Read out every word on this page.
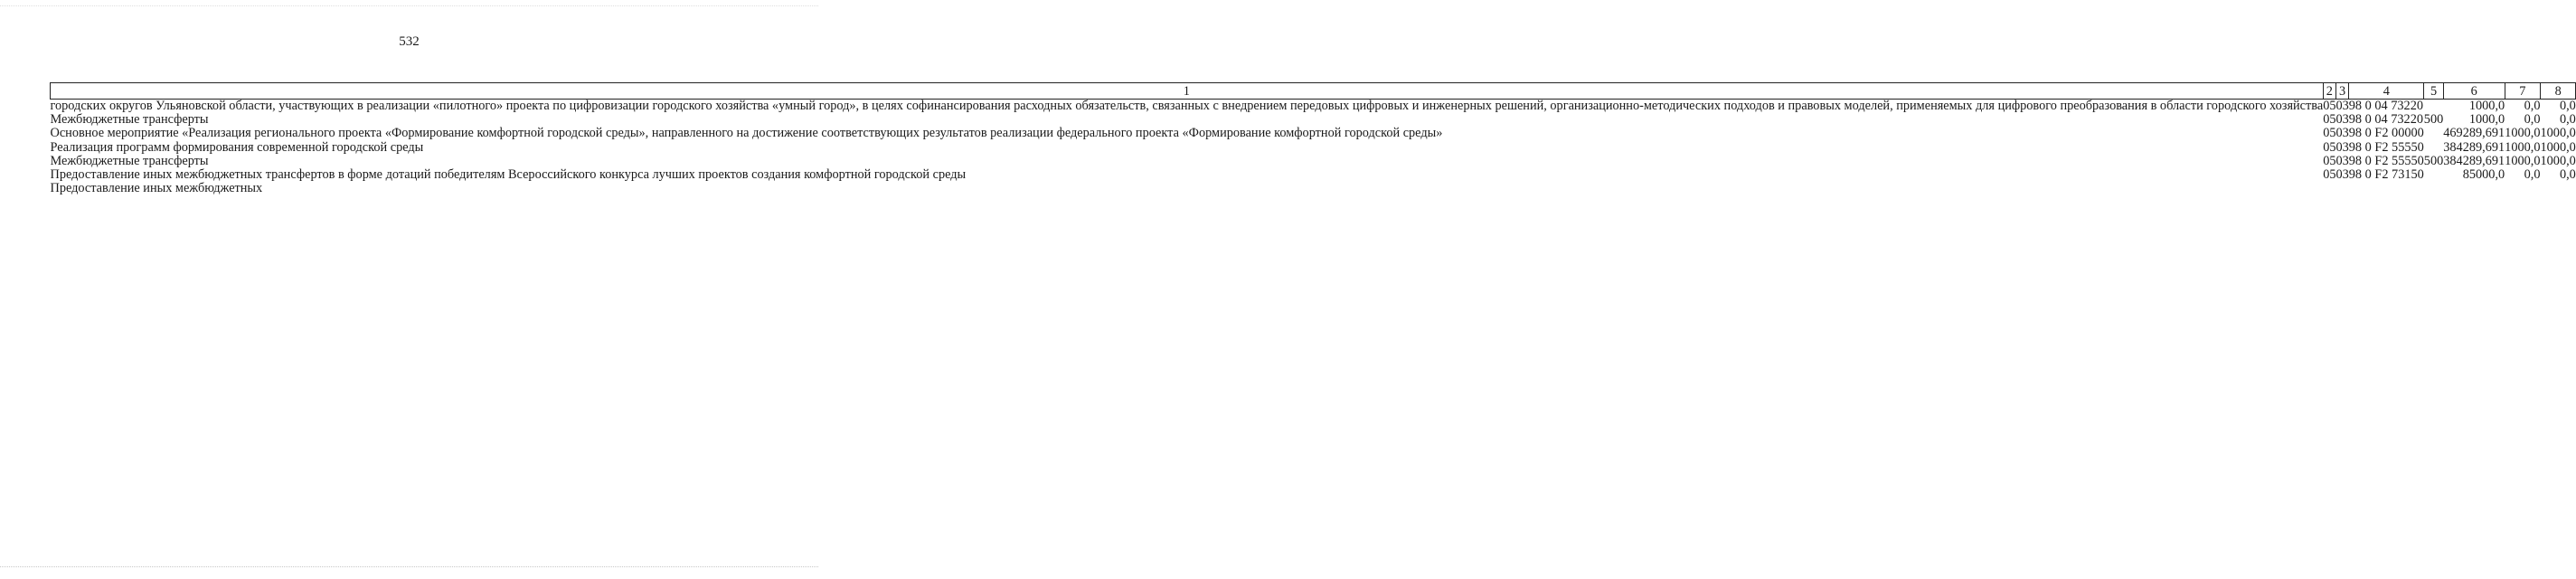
532
1	2	3	4	5	6	7	8
городских округов Ульяновской области, участвующих в реализации «пилотного» проекта по цифровизации городского хозяйства «умный город», в целях софинансирования расходных обязательств, связанных с внедрением передовых цифровых и инженерных решений, организационно-методических подходов и правовых моделей, применяемых для цифрового преобразования в области городского хозяйства	05	03	98 0 04 73220		1000,0	0,0	0,0
Межбюджетные трансферты	05	03	98 0 04 73220	500	1000,0	0,0	0,0
Основное мероприятие «Реализация регионального проекта «Формирование комфортной городской среды», направленного на достижение соответствующих результатов реализации федерального проекта «Формирование комфортной городской среды»	05	03	98 0 F2 00000		469289,691	1000,0	1000,0
Реализация программ формирования современной городской среды	05	03	98 0 F2 55550		384289,691	1000,0	1000,0
Межбюджетные трансферты	05	03	98 0 F2 55550	500	384289,691	1000,0	1000,0
Предоставление иных межбюджетных трансфертов в форме дотаций победителям Всероссийского конкурса лучших проектов создания комфортной городской среды	05	03	98 0 F2 73150		85000,0	0,0	0,0
Предоставление иных межбюджетных							
